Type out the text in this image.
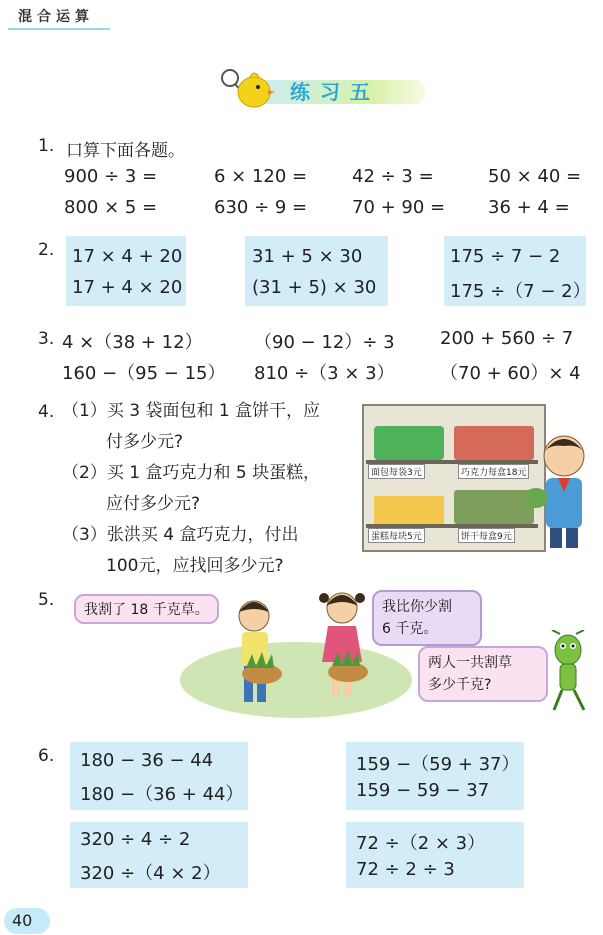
混合运算
练习五
1. 口算下面各题。
900 ÷ 3 =	6 × 120 = 42 ÷ 3 =	50 × 40 =
800 × 5 =	630 ÷ 9 = 70 + 90 = 36 + 4 =
2. 17 × 4 + 20
17 + 4 × 20
31 + 5 × 30
(31 + 5) × 30
175 ÷ 7 − 2
175 ÷（7 − 2）
3. 4 ×（38 + 12）	（90 − 12）÷ 3	200 + 560 ÷ 7
160 −（95 − 15） 810 ÷（3 × 3）	（70 + 60）× 4
4. （1）买 3 袋面包和 1 盒饼干，应
付多少元?
（2）买 1 盒巧克力和 5 块蛋糕，
应付多少元?
（3）张洪买 4 盒巧克力，付出
100元，应找回多少元?
面包每袋3元	巧克力每盒18元
蛋糕每块5元	饼干每盒9元
5.	我割了 18 千克草。	我比你少割
6 千克。
两人一共割草
多少千克?
6. 180 − 36 − 44
180 −（36 + 44）
159 −（59 + 37）
159 − 59 − 37
320 ÷ 4 ÷ 2
320 ÷（4 × 2）
72 ÷（2 × 3）
72 ÷ 2 ÷ 3
40
